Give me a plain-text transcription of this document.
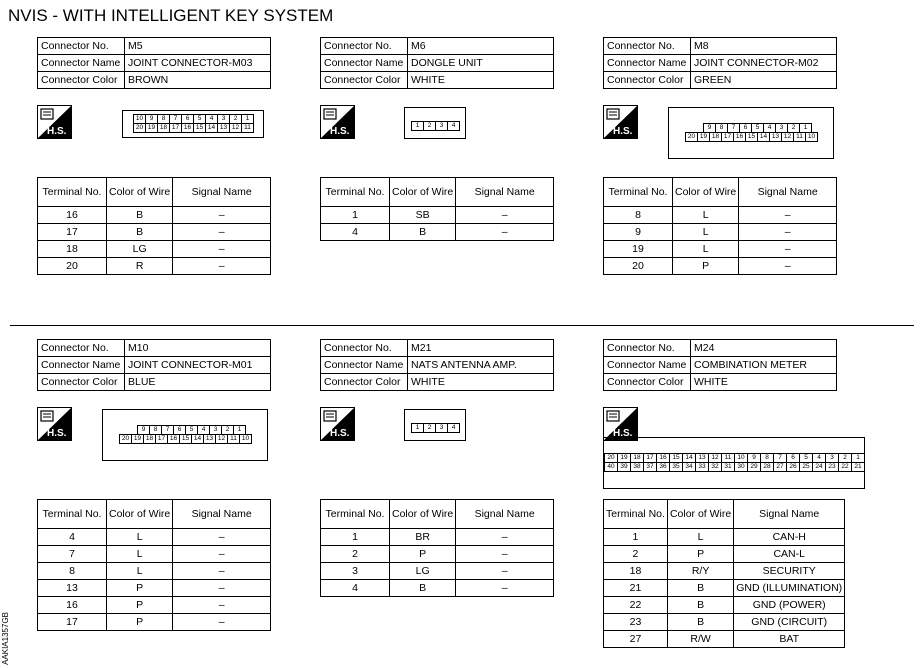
NVIS - WITH INTELLIGENT KEY SYSTEM
AAKIA1357GB
Connector No.	M5
Connector Name	JOINT CONNECTOR-M03
Connector Color	BROWN
H.S.
10	9	8	7	6	5	4	3	2	1
20 19 18 17 16 15 14 13 12 11
Terminal No.	Color of Wire	Signal Name
16	B	–
17	B	–
18	LG	–
20	R	–
Connector No.	M6
Connector Name	DONGLE UNIT
Connector Color	WHITE
H.S.
1	2	3	4
Terminal No.	Color of Wire	Signal Name
1	SB	–
4	B	–
Connector No.	M8
Connector Name	JOINT CONNECTOR-M02
Connector Color	GREEN
H.S.	9	8	7	6	5	4	3	2	1
20 19 18 17 16 15 14 13 12 11 10
Terminal No.	Color of Wire	Signal Name
8	L	–
9	L	–
19	L	–
20	P	–
Connector No.	M10
Connector Name	JOINT CONNECTOR-M01
Connector Color	BLUE
H.S.	9	8	7	6	5	4	3	2	1
20 19 18 17 16 15 14 13 12 11 10
Terminal No.	Color of Wire	Signal Name
4	L	–
7	L	–
8	L	–
13	P	–
16	P	–
17	P	–
Connector No.	M21
Connector Name	NATS ANTENNA AMP.
Connector Color	WHITE
H.S.
1	2	3	4
Terminal No.	Color of Wire	Signal Name
1	BR	–
2	P	–
3	LG	–
4	B	–
Connector No.	M24
Connector Name	COMBINATION METER
Connector Color	WHITE
H.S.
20 19 18 17 16 15 14 13 12 11 10	9	8	7	6	5	4	3	2	1
40 39 38 37 36 35 34 33 32 31 30 29 28 27 26 25 24 23 22 21
Terminal No.	Color of Wire	Signal Name
1	L	CAN-H
2	P	CAN-L
18	R/Y	SECURITY
21	B	GND (ILLUMINATION)
22	B	GND (POWER)
23	B	GND (CIRCUIT)
27	R/W	BAT
